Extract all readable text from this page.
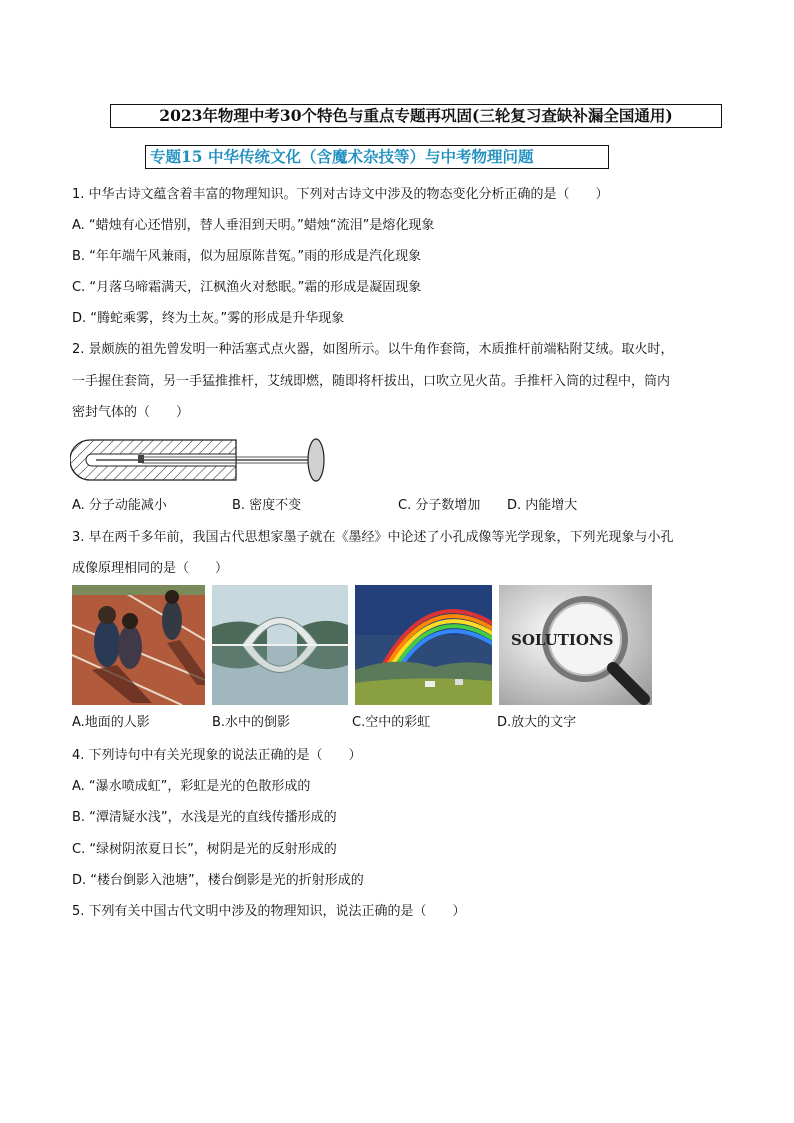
2023年物理中考30个特色与重点专题再巩固(三轮复习查缺补漏全国通用)
专题15 中华传统文化（含魔术杂技等）与中考物理问题
1. 中华古诗文蕴含着丰富的物理知识。下列对古诗文中涉及的物态变化分析正确的是（　　）
A. “蜡烛有心还惜别，替人垂泪到天明。”蜡烛“流泪”是熔化现象
B. “年年端午风兼雨，似为屈原陈昔冤。”雨的形成是汽化现象
C. “月落乌啼霜满天，江枫渔火对愁眠。”霜的形成是凝固现象
D. “腾蛇乘雾，终为土灰。”雾的形成是升华现象
2. 景颇族的祖先曾发明一种活塞式点火器，如图所示。以牛角作套筒，木质推杆前端粘附艾绒。取火时，
一手握住套筒，另一手猛推推杆，艾绒即燃，随即将杆拔出，口吹立见火苗。手推杆入筒的过程中，筒内
密封气体的（　　）
A. 分子动能减小	B. 密度不变	C. 分子数增加 D. 内能增大
3. 早在两千多年前，我国古代思想家墨子就在《墨经》中论述了小孔成像等光学现象，下列光现象与小孔
成像原理相同的是（　　）
SOLUTIONS
A.地面的人影	B.水中的倒影	C.空中的彩虹	D.放大的文字
4. 下列诗句中有关光现象的说法正确的是（　　）
A. “瀑水喷成虹”，彩虹是光的色散形成的
B. “潭清疑水浅”，水浅是光的直线传播形成的
C. “绿树阴浓夏日长”，树阴是光的反射形成的
D. “楼台倒影入池塘”，楼台倒影是光的折射形成的
5. 下列有关中国古代文明中涉及的物理知识，说法正确的是（　　）
